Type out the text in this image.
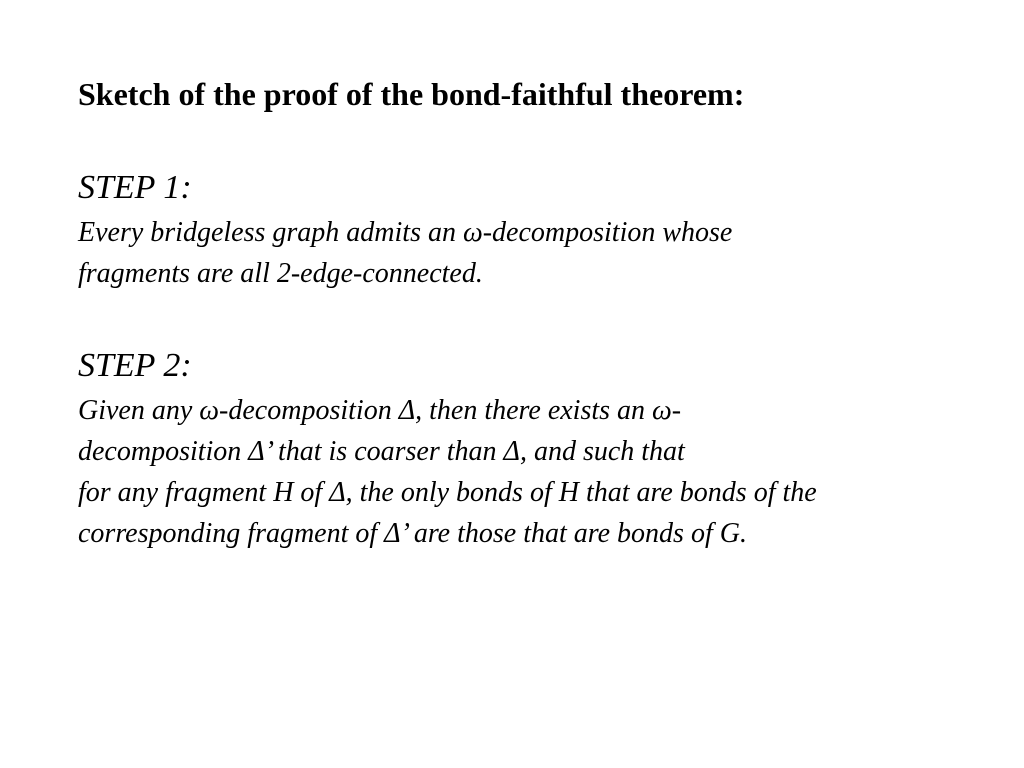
Sketch of the proof of the bond-faithful theorem:
STEP 1:
Every bridgeless graph admits an ω-decomposition whose
fragments are all 2-edge-connected.
STEP 2:
Given any ω-decomposition Δ, then there exists an ω-
decomposition Δ’ that is coarser than Δ, and such that
for any fragment H of Δ, the only bonds of H that are bonds of the
corresponding fragment of Δ’ are those that are bonds of G.
